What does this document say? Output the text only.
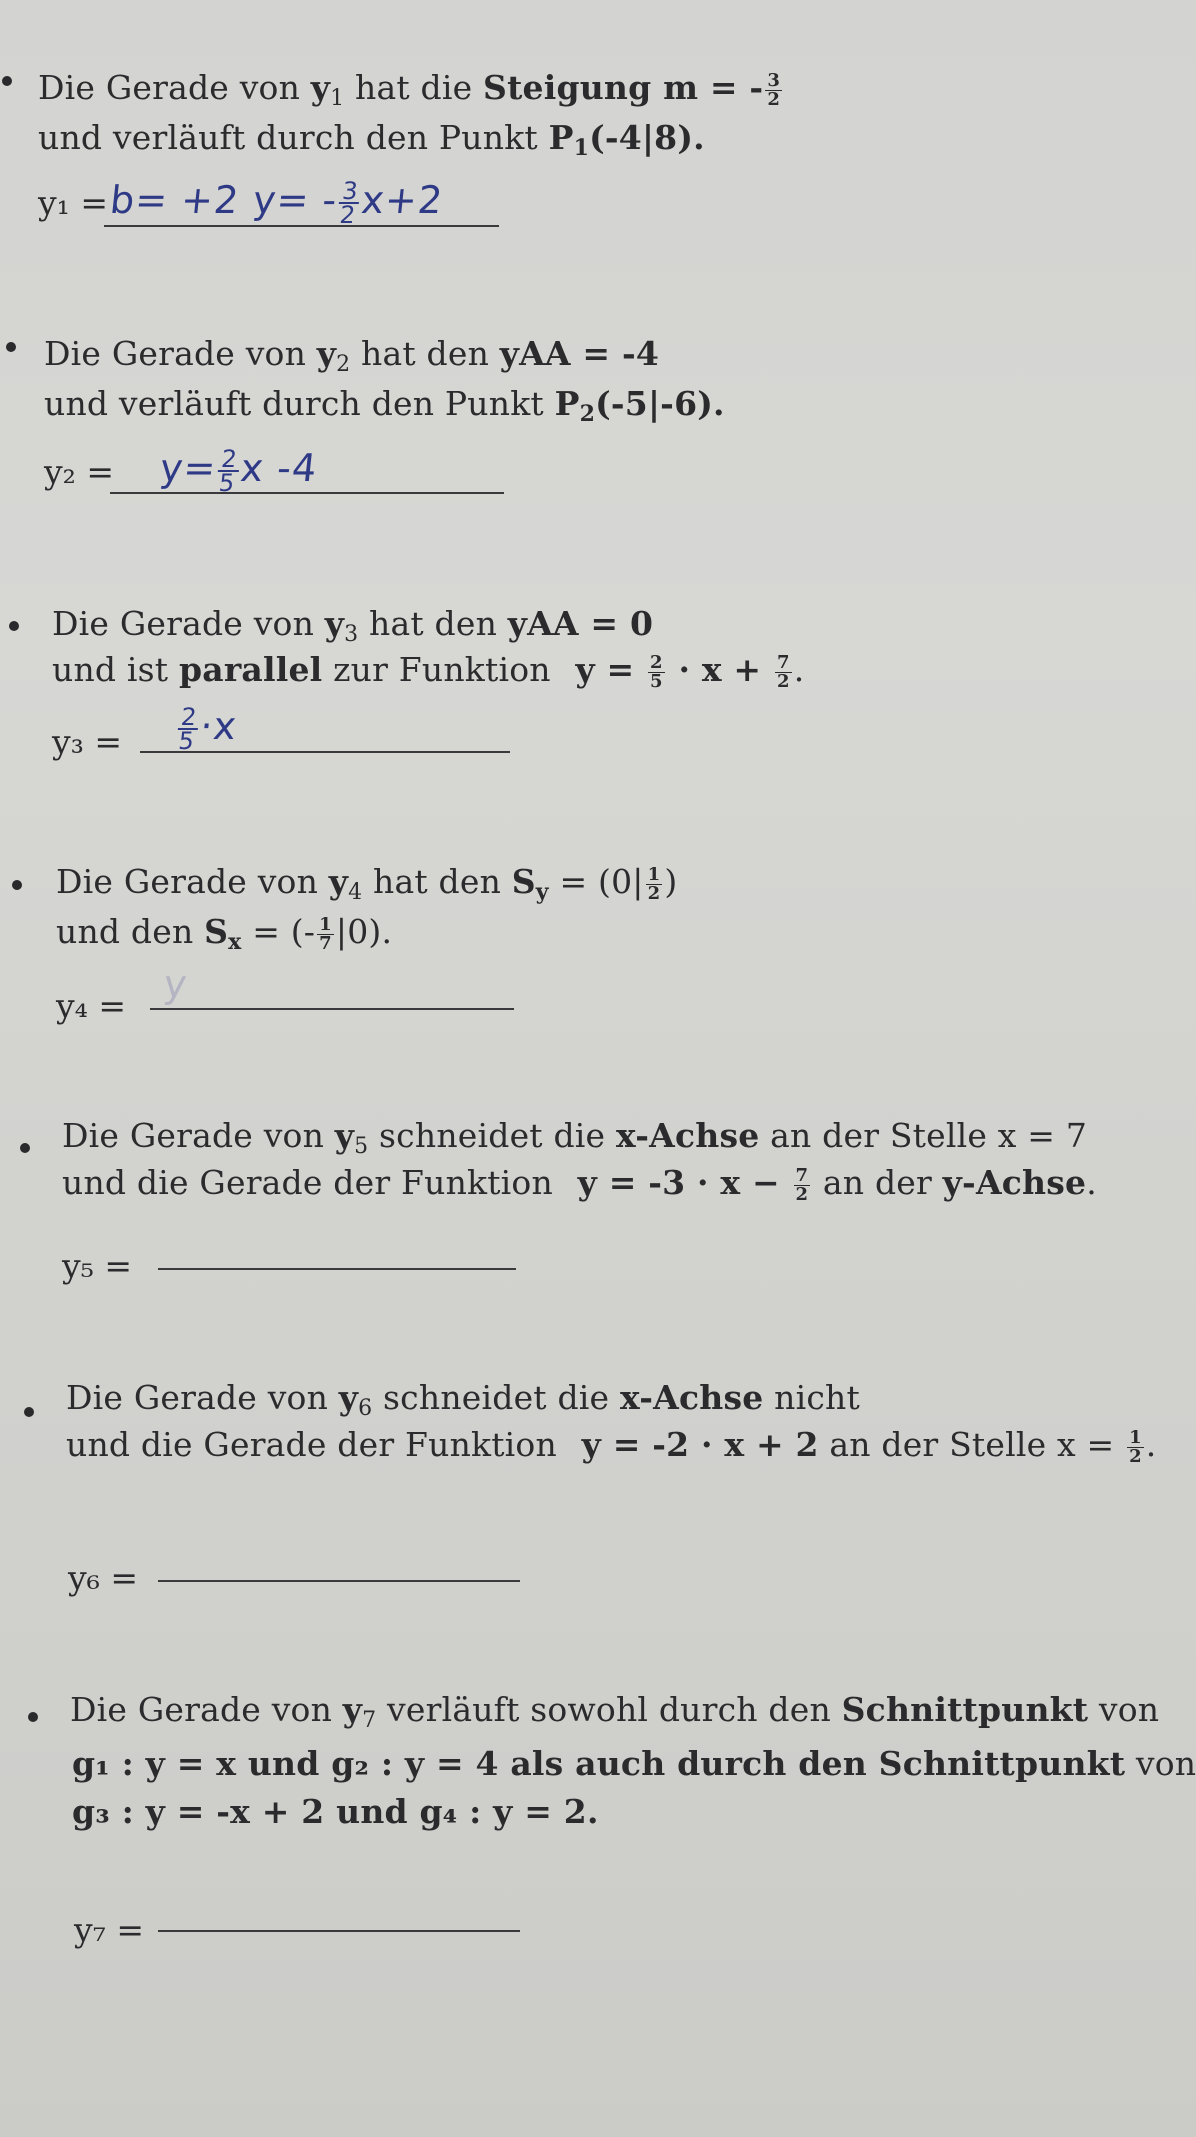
Die Gerade von $y_1$ hat die Steigung m = - $\frac{3}{2}$
und verläuft durch den Punkt $P_1(-4|8)$.
y₁ = b= +2 y= -
$\frac{3}{2}$
x+2
Die Gerade von $y_2$ hat den yAA = -4
und verläuft durch den Punkt $P_2(-5|-6)$.
y₂ = y=
$\frac{2}{5}$
x -4
Die Gerade von $y_3$ hat den yAA = 0
und ist parallel zur Funktion $y = \frac{2}{5} \cdot x + \frac{7}{2}$ .
$y_3 = \frac{2}{5}$
·x
Die Gerade von $y_4$ hat den $S_y = (0| \frac{1}{2}$ )
und den $S_x$ = (- $\frac{1}{7} |0$).
y₄ = y
Die Gerade von $y_5$ schneidet die x-Achse an der Stelle x = 7
und die Gerade der Funktion $y = -3 \cdot x - \frac{7}{2}$ an der y-Achse.
y₅ =
Die Gerade von $y_6$ schneidet die x-Achse nicht
und die Gerade der Funktion y = -2 · x + 2 an der Stelle $x = \frac{1}{2}$ .
y₆ =
Die Gerade von $y_7$ verläuft sowohl durch den Schnittpunkt von
g₁ : y = x und g₂ : y = 4 als auch durch den Schnittpunkt von
g₃ : y = -x + 2 und g₄ : y = 2.
y₇ =
